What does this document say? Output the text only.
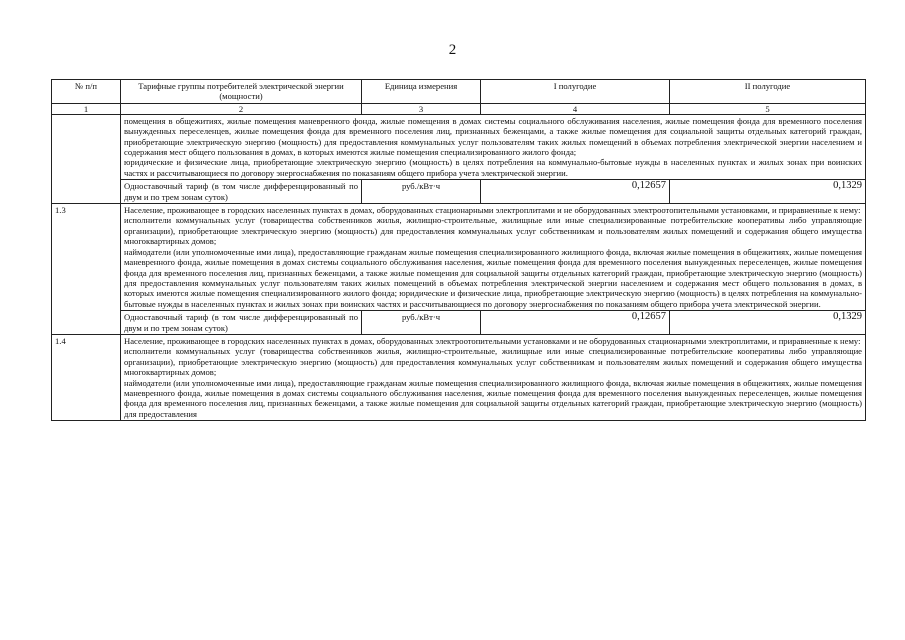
2
№ п/п	Тарифные группы потребителей электрической энергии (мощности)	Единица измерения	I полугодие	II полугодие
1	2	3	4	5

	помещения в общежитиях, жилые помещения маневренного фонда, жилые помещения в домах системы социального обслуживания населения, жилые помещения фонда для временного поселения вынужденных переселенцев, жилые помещения фонда для временного поселения лиц, признанных беженцами, а также жилые помещения для социальной защиты отдельных категорий граждан, приобретающие электрическую энергию (мощность) для предоставления коммунальных услуг пользователям таких жилых помещений в объемах потребления электрической энергии населением и содержания мест общего пользования в домах, в которых имеются жилые помещения специализированного жилого фонда;
юридические и физические лица, приобретающие электрическую энергию (мощность) в целях потребления на коммунально-бытовые нужды в населенных пунктах и жилых зонах при воинских частях и рассчитывающиеся по договору энергоснабжения по показаниям общего прибора учета электрической энергии.			

	Одноставочный тариф (в том числе дифференцированный по двум и по трем зонам суток)	руб./кВт·ч	0,12657	0,1329
1.3	Население, проживающее в городских населенных пунктах в домах, оборудованных стационарными электроплитами и не оборудованных электроотопительными установками, и приравненные к нему:
исполнители коммунальных услуг (товарищества собственников жилья, жилищно-строительные, жилищные или иные специализированные потребительские кооперативы либо управляющие организации), приобретающие электрическую энергию (мощность) для предоставления коммунальных услуг собственникам и пользователям жилых помещений и содержания общего имущества многоквартирных домов;
наймодатели (или уполномоченные ими лица), предоставляющие гражданам жилые помещения специализированного жилищного фонда, включая жилые помещения в общежитиях, жилые помещения маневренного фонда, жилые помещения в домах системы социального обслуживания населения, жилые помещения фонда для временного поселения вынужденных переселенцев, жилые помещения фонда для временного поселения лиц, признанных беженцами, а также жилые помещения для социальной защиты отдельных категорий граждан, приобретающие электрическую энергию (мощность) для предоставления коммунальных услуг пользователям таких жилых помещений в объемах потребления электрической энергии населением и содержания мест общего пользования в домах, в которых имеются жилые помещения специализированного жилого фонда; юридические и физические лица, приобретающие электрическую энергию (мощность) в целях потребления на коммунально-бытовые нужды в населенных пунктах и жилых зонах при воинских частях и рассчитывающиеся по договору энергоснабжения по показаниям общего прибора учета электрической энергии.			

	Одноставочный тариф (в том числе дифференцированный по двум и по трем зонам суток)	руб./кВт·ч	0,12657	0,1329
1.4	Население, проживающее в городских населенных пунктах в домах, оборудованных электроотопительными установками и не оборудованных стационарными электроплитами, и приравненные к нему:
исполнители коммунальных услуг (товарищества собственников жилья, жилищно-строительные, жилищные или иные специализированные потребительские кооперативы либо управляющие организации), приобретающие электрическую энергию (мощность) для предоставления коммунальных услуг собственникам и пользователям жилых помещений и содержания общего имущества многоквартирных домов;
наймодатели (или уполномоченные ими лица), предоставляющие гражданам жилые помещения специализированного жилищного фонда, включая жилые помещения в общежитиях, жилые помещения маневренного фонда, жилые помещения в домах системы социального обслуживания населения, жилые помещения фонда для временного поселения вынужденных переселенцев, жилые помещения фонда для временного поселения лиц, признанных беженцами, а также жилые помещения для социальной защиты отдельных категорий граждан, приобретающие электрическую энергию (мощность) для предоставления			
